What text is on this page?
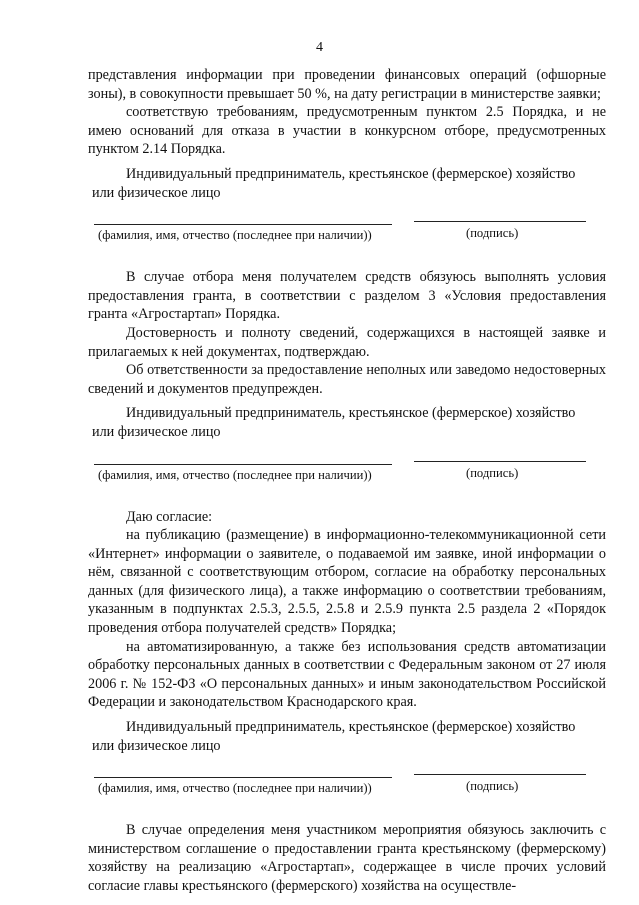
4

представления информации при проведении финансовых операций (офшорные зоны), в совокупности превышает 50 %, на дату регистрации в министерстве заявки;

соответствую требованиям, предусмотренным пунктом 2.5 Порядка, и не имею оснований для отказа в участии в конкурсном отборе, предусмотренных пунктом 2.14 Порядка.

Индивидуальный предприниматель, крестьянское (фермерское) хозяйство

или физическое лицо

(фамилия, имя, отчество (последнее при наличии))	(подпись)

В случае отбора меня получателем средств обязуюсь выполнять условия предоставления гранта, в соответствии с разделом 3 «Условия предоставления гранта «Агростартап» Порядка.

Достоверность и полноту сведений, содержащихся в настоящей заявке и прилагаемых к ней документах, подтверждаю.

Об ответственности за предоставление неполных или заведомо недостоверных сведений и документов предупрежден.

Индивидуальный предприниматель, крестьянское (фермерское) хозяйство

или физическое лицо

(фамилия, имя, отчество (последнее при наличии))	(подпись)

Даю согласие:

на публикацию (размещение) в информационно-телекоммуникационной сети «Интернет» информации о заявителе, о подаваемой им заявке, иной информации о нём, связанной с соответствующим отбором, согласие на обработку персональных данных (для физического лица), а также информацию о соответствии требованиям, указанным в подпунктах 2.5.3, 2.5.5, 2.5.8 и 2.5.9 пункта 2.5 раздела 2 «Порядок проведения отбора получателей средств» Порядка;

на автоматизированную, а также без использования средств автоматизации обработку персональных данных в соответствии с Федеральным законом от 27 июля 2006 г. № 152-ФЗ «О персональных данных» и иным законодательством Российской Федерации и законодательством Краснодарского края.

Индивидуальный предприниматель, крестьянское (фермерское) хозяйство

или физическое лицо

(фамилия, имя, отчество (последнее при наличии))	(подпись)

В случае определения меня участником мероприятия обязуюсь заключить с министерством соглашение о предоставлении гранта крестьянскому (фермерскому) хозяйству на реализацию «Агростартап», содержащее в числе прочих условий согласие главы крестьянского (фермерского) хозяйства на осуществле-
